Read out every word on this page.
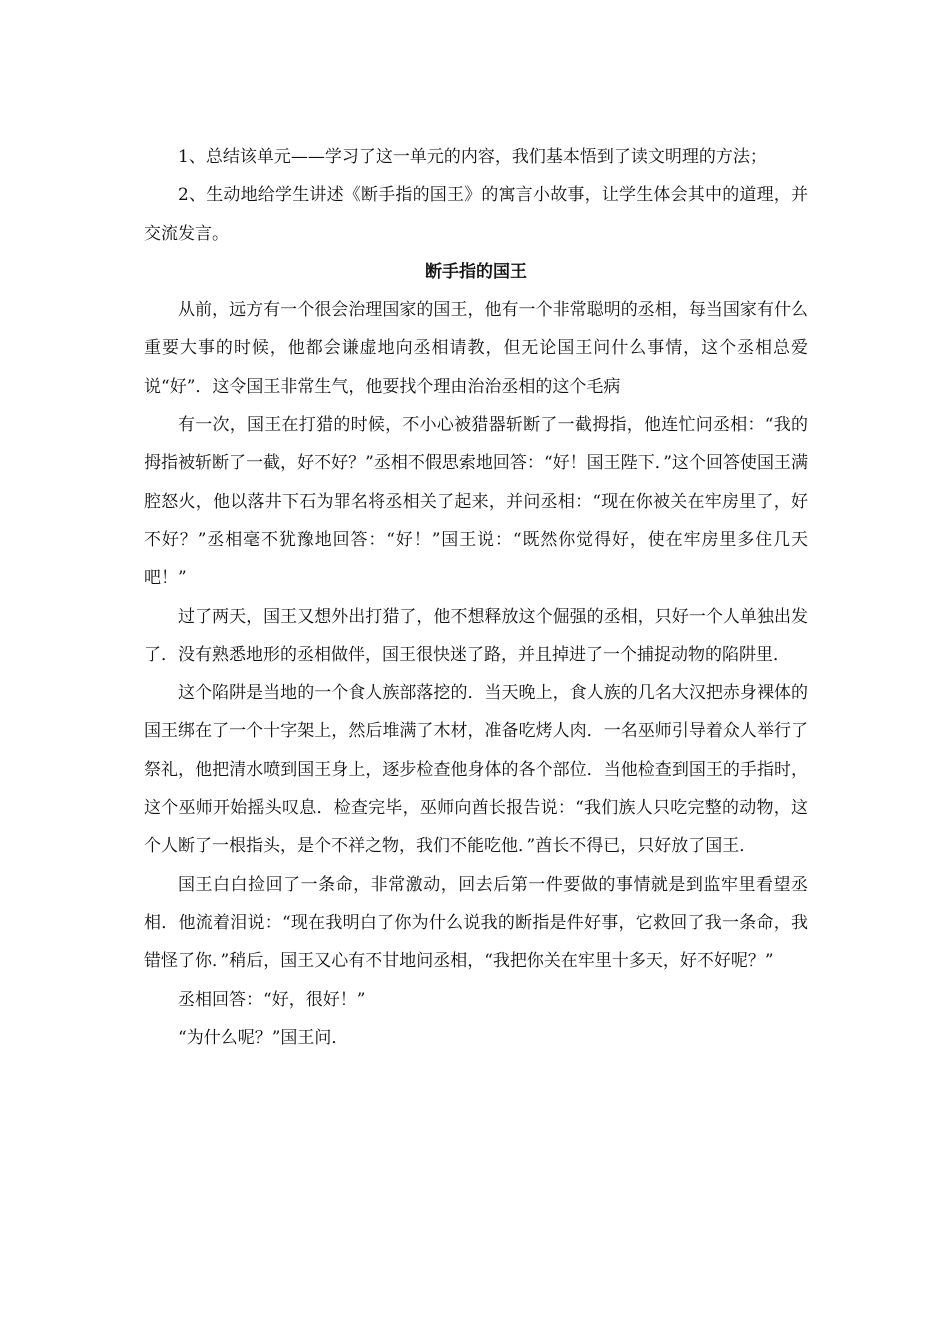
1、总结该单元——学习了这一单元的内容，我们基本悟到了读文明理的方法；

2、生动地给学生讲述《断手指的国王》的寓言小故事，让学生体会其中的道理，并交流发言。

断手指的国王

从前，远方有一个很会治理国家的国王，他有一个非常聪明的丞相，每当国家有什么重要大事的时候，他都会谦虚地向丞相请教，但无论国王问什么事情，这个丞相总爱说“好”．这令国王非常生气，他要找个理由治治丞相的这个毛病

有一次，国王在打猎的时候，不小心被猎器斩断了一截拇指，他连忙问丞相：“我的拇指被斩断了一截，好不好？”丞相不假思索地回答：“好！国王陛下．”这个回答使国王满腔怒火，他以落井下石为罪名将丞相关了起来，并问丞相：“现在你被关在牢房里了，好不好？”丞相毫不犹豫地回答：“好！”国王说：“既然你觉得好，使在牢房里多住几天吧！”

过了两天，国王又想外出打猎了，他不想释放这个倔强的丞相，只好一个人单独出发了．没有熟悉地形的丞相做伴，国王很快迷了路，并且掉进了一个捕捉动物的陷阱里．

这个陷阱是当地的一个食人族部落挖的．当天晚上，食人族的几名大汉把赤身裸体的国王绑在了一个十字架上，然后堆满了木材，准备吃烤人肉．一名巫师引导着众人举行了祭礼，他把清水喷到国王身上，逐步检查他身体的各个部位．当他检查到国王的手指时，这个巫师开始摇头叹息．检查完毕，巫师向酋长报告说：“我们族人只吃完整的动物，这个人断了一根指头，是个不祥之物，我们不能吃他．”酋长不得已，只好放了国王．

国王白白捡回了一条命，非常激动，回去后第一件要做的事情就是到监牢里看望丞相．他流着泪说：“现在我明白了你为什么说我的断指是件好事，它救回了我一条命，我错怪了你．”稍后，国王又心有不甘地问丞相，“我把你关在牢里十多天，好不好呢？”

丞相回答：“好，很好！”

“为什么呢？”国王问．
